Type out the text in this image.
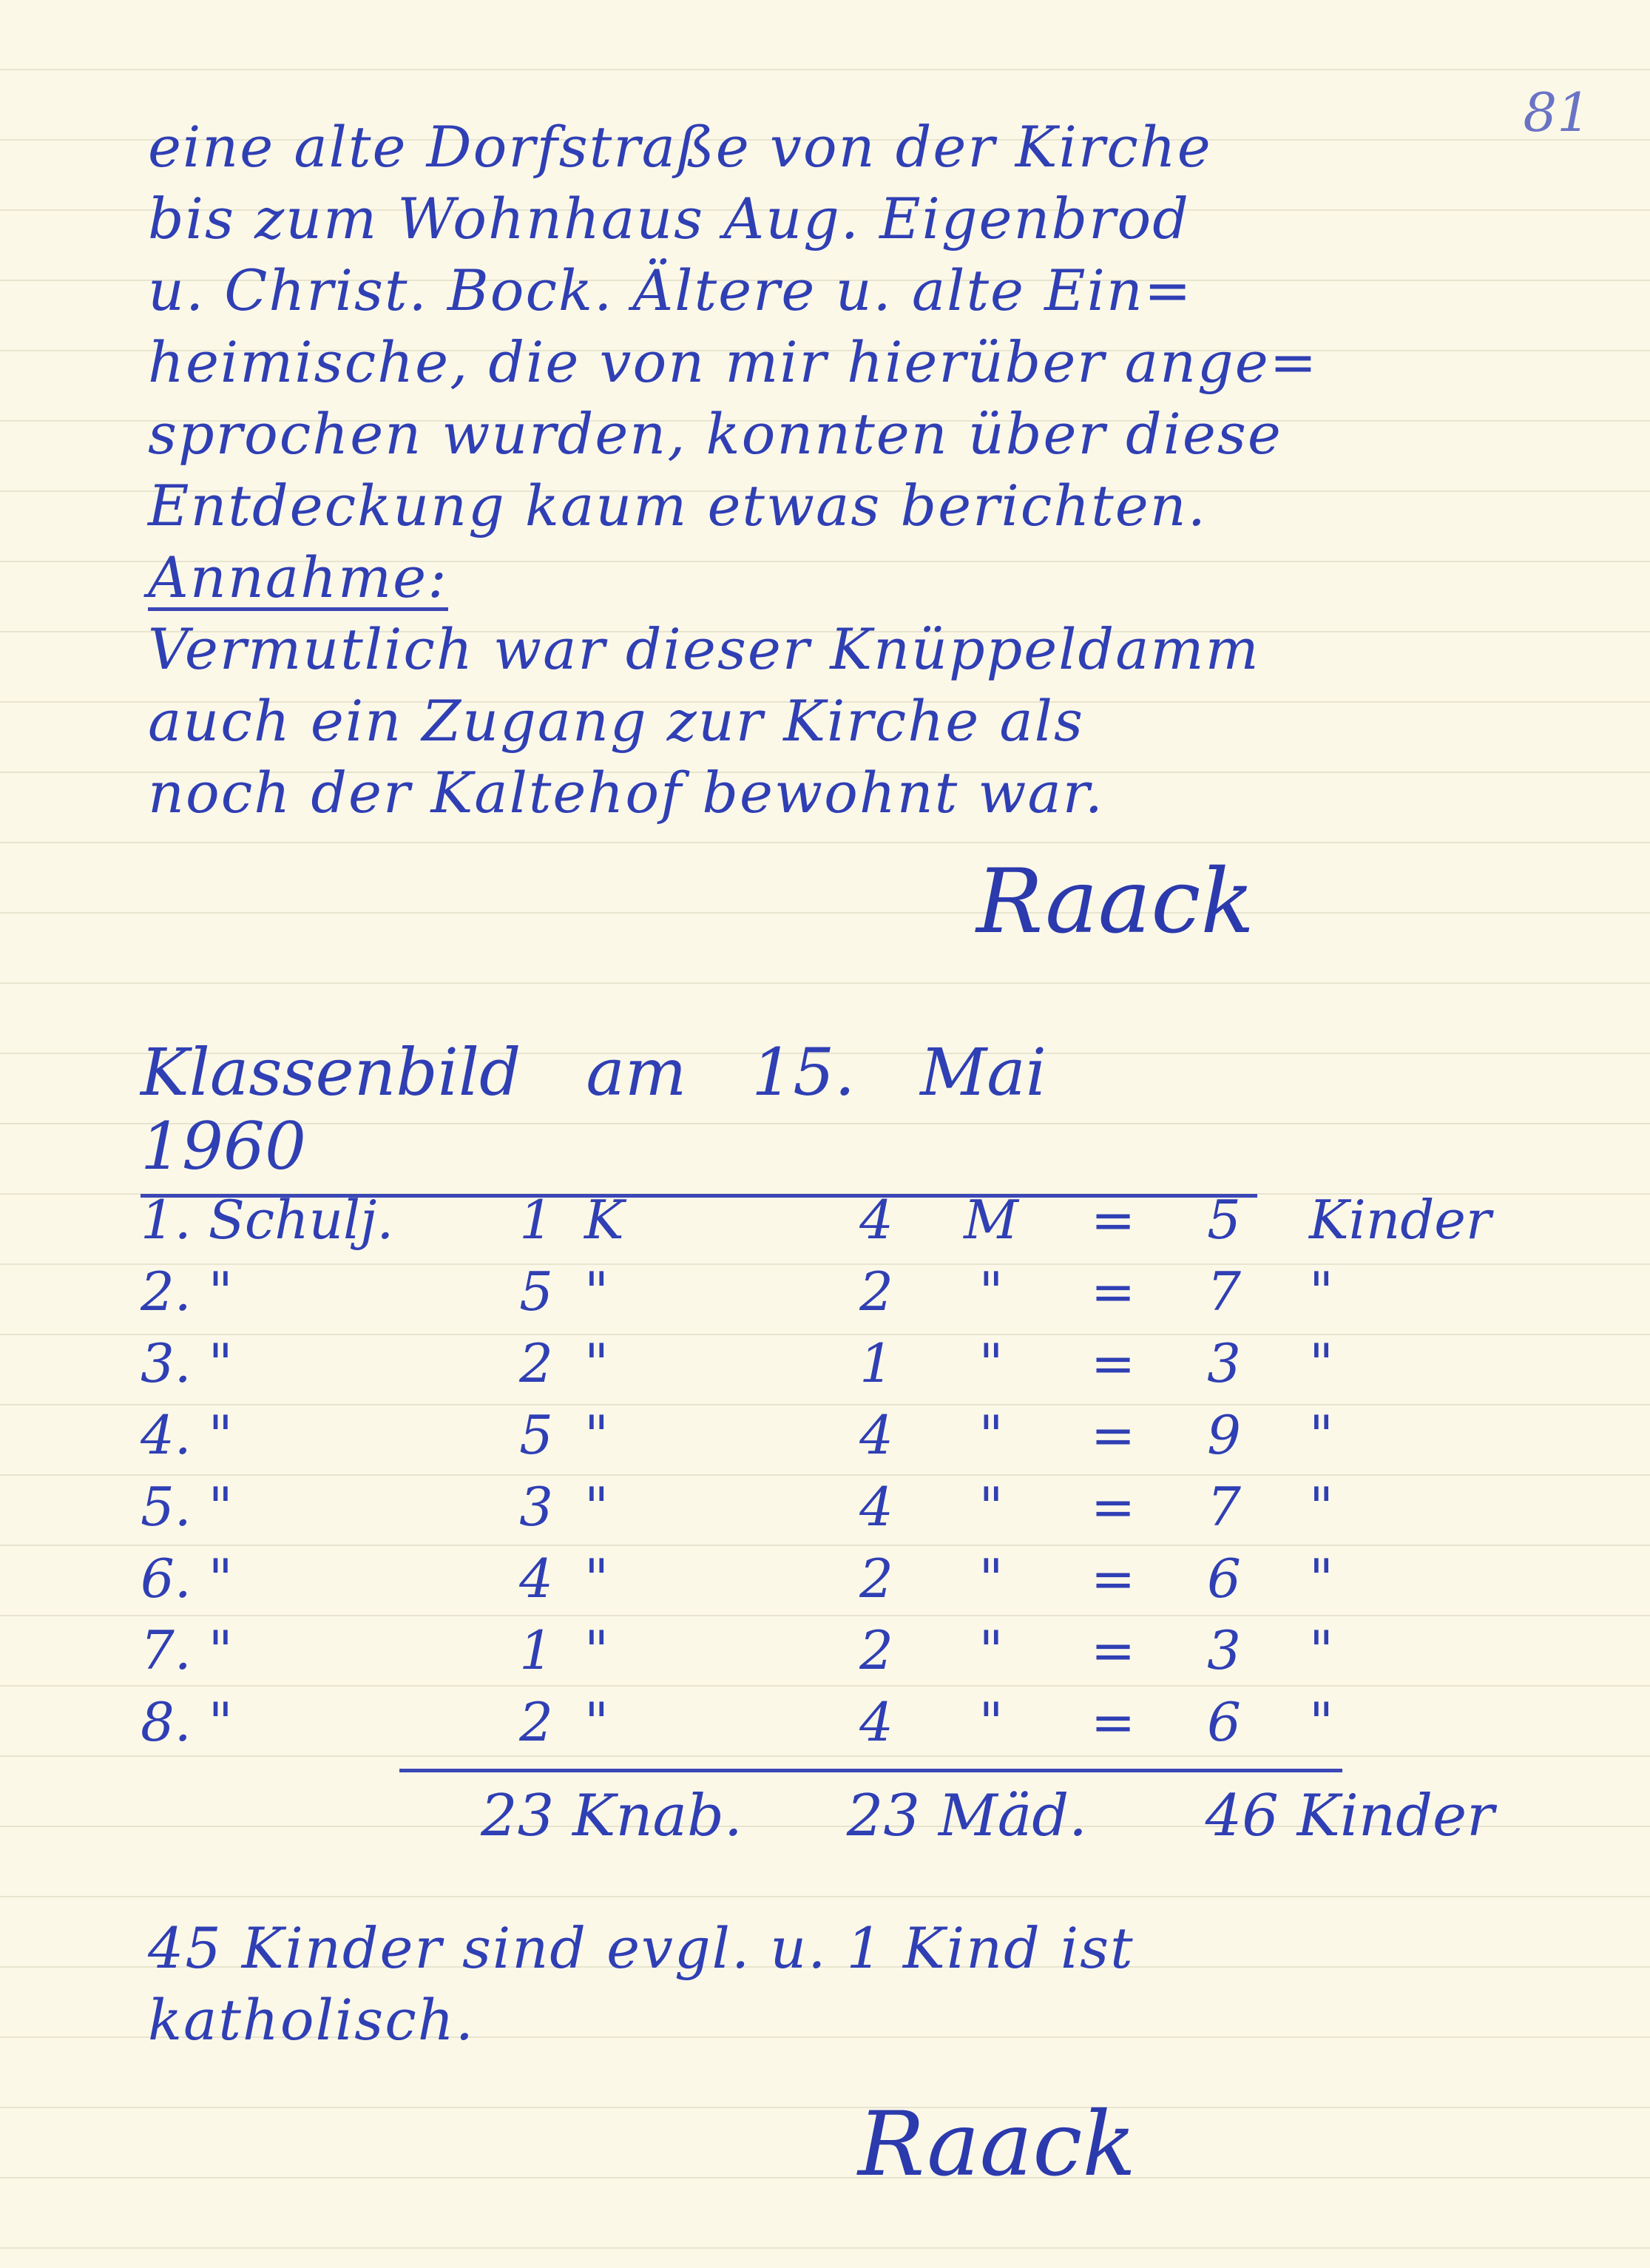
81
eine alte Dorfstraße von der Kirche
bis zum Wohnhaus Aug. Eigenbrod
u. Christ. Bock. Ältere u. alte Ein=
heimische, die von mir hierüber ange=
sprochen wurden, konnten über diese
Entdeckung kaum etwas berichten.
Annahme:
Vermutlich war dieser Knüppeldamm
auch ein Zugang zur Kirche als
noch der Kaltehof bewohnt war.
Raack
Klassenbild am 15. Mai 1960
1. Schulj.	1	K	4	M	=	5	Kinder
2. "	5	"	2	"	=	7	"
3. "	2	"	1	"	=	3	"
4. "	5	"	4	"	=	9	"
5. "	3	"	4	"	=	7	"
6. "	4	"	2	"	=	6	"
7. "	1	"	2	"	=	3	"
8. "	2	"	4	"	=	6	"
23 Knab. 23 Mäd. 46 Kinder
45 Kinder sind evgl. u. 1 Kind ist
katholisch.
Raack
